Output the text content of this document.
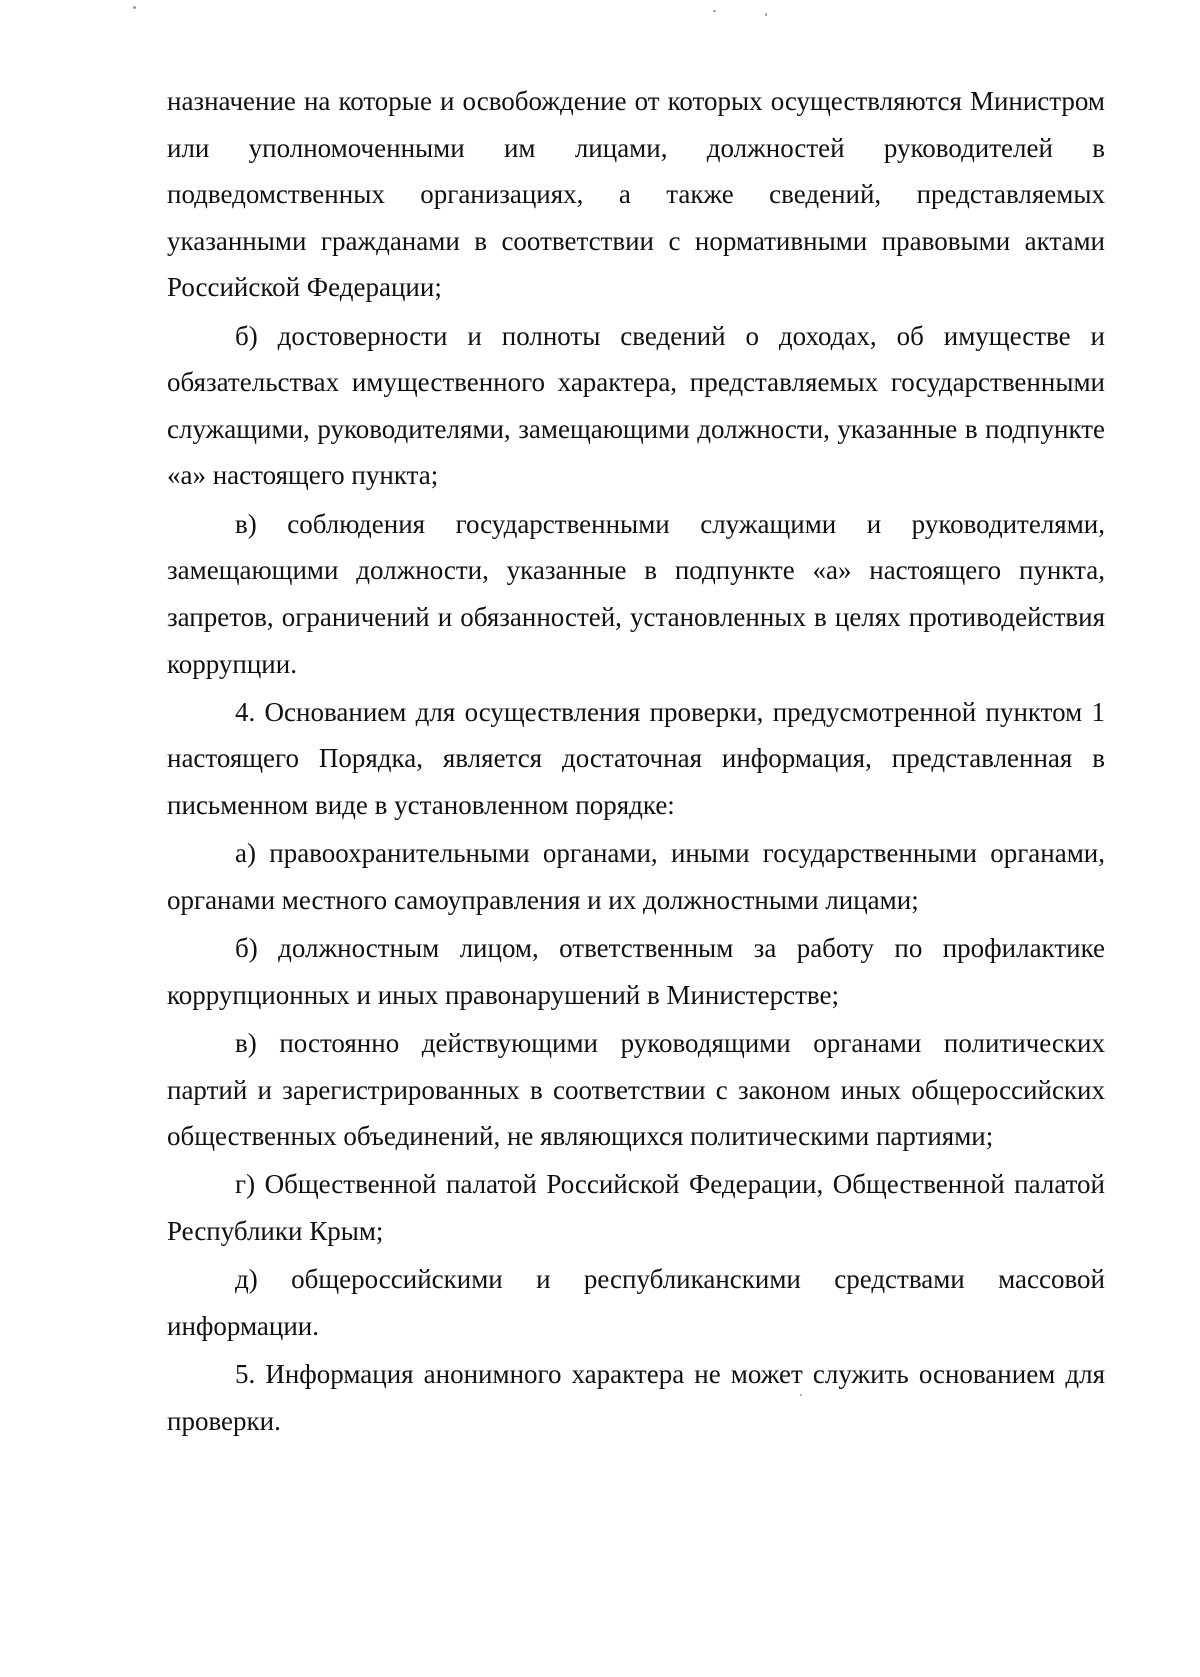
назначение на которые и освобождение от которых осуществляются Министром или уполномоченными им лицами, должностей руководителей в подведомственных организациях, а также сведений, представляемых указанными гражданами в соответствии с нормативными правовыми актами Российской Федерации;

б) достоверности и полноты сведений о доходах, об имуществе и обязательствах имущественного характера, представляемых государственными служащими, руководителями, замещающими должности, указанные в подпункте «а» настоящего пункта;

в) соблюдения государственными служащими и руководителями, замещающими должности, указанные в подпункте «а» настоящего пункта, запретов, ограничений и обязанностей, установленных в целях противодействия коррупции.

4. Основанием для осуществления проверки, предусмотренной пунктом 1 настоящего Порядка, является достаточная информация, представленная в письменном виде в установленном порядке:

а) правоохранительными органами, иными государственными органами, органами местного самоуправления и их должностными лицами;

б) должностным лицом, ответственным за работу по профилактике коррупционных и иных правонарушений в Министерстве;

в) постоянно действующими руководящими органами политических партий и зарегистрированных в соответствии с законом иных общероссийских общественных объединений, не являющихся политическими партиями;

г) Общественной палатой Российской Федерации, Общественной палатой Республики Крым;

д) общероссийскими и республиканскими средствами массовой информации.

5. Информация анонимного характера не может служить основанием для проверки.
